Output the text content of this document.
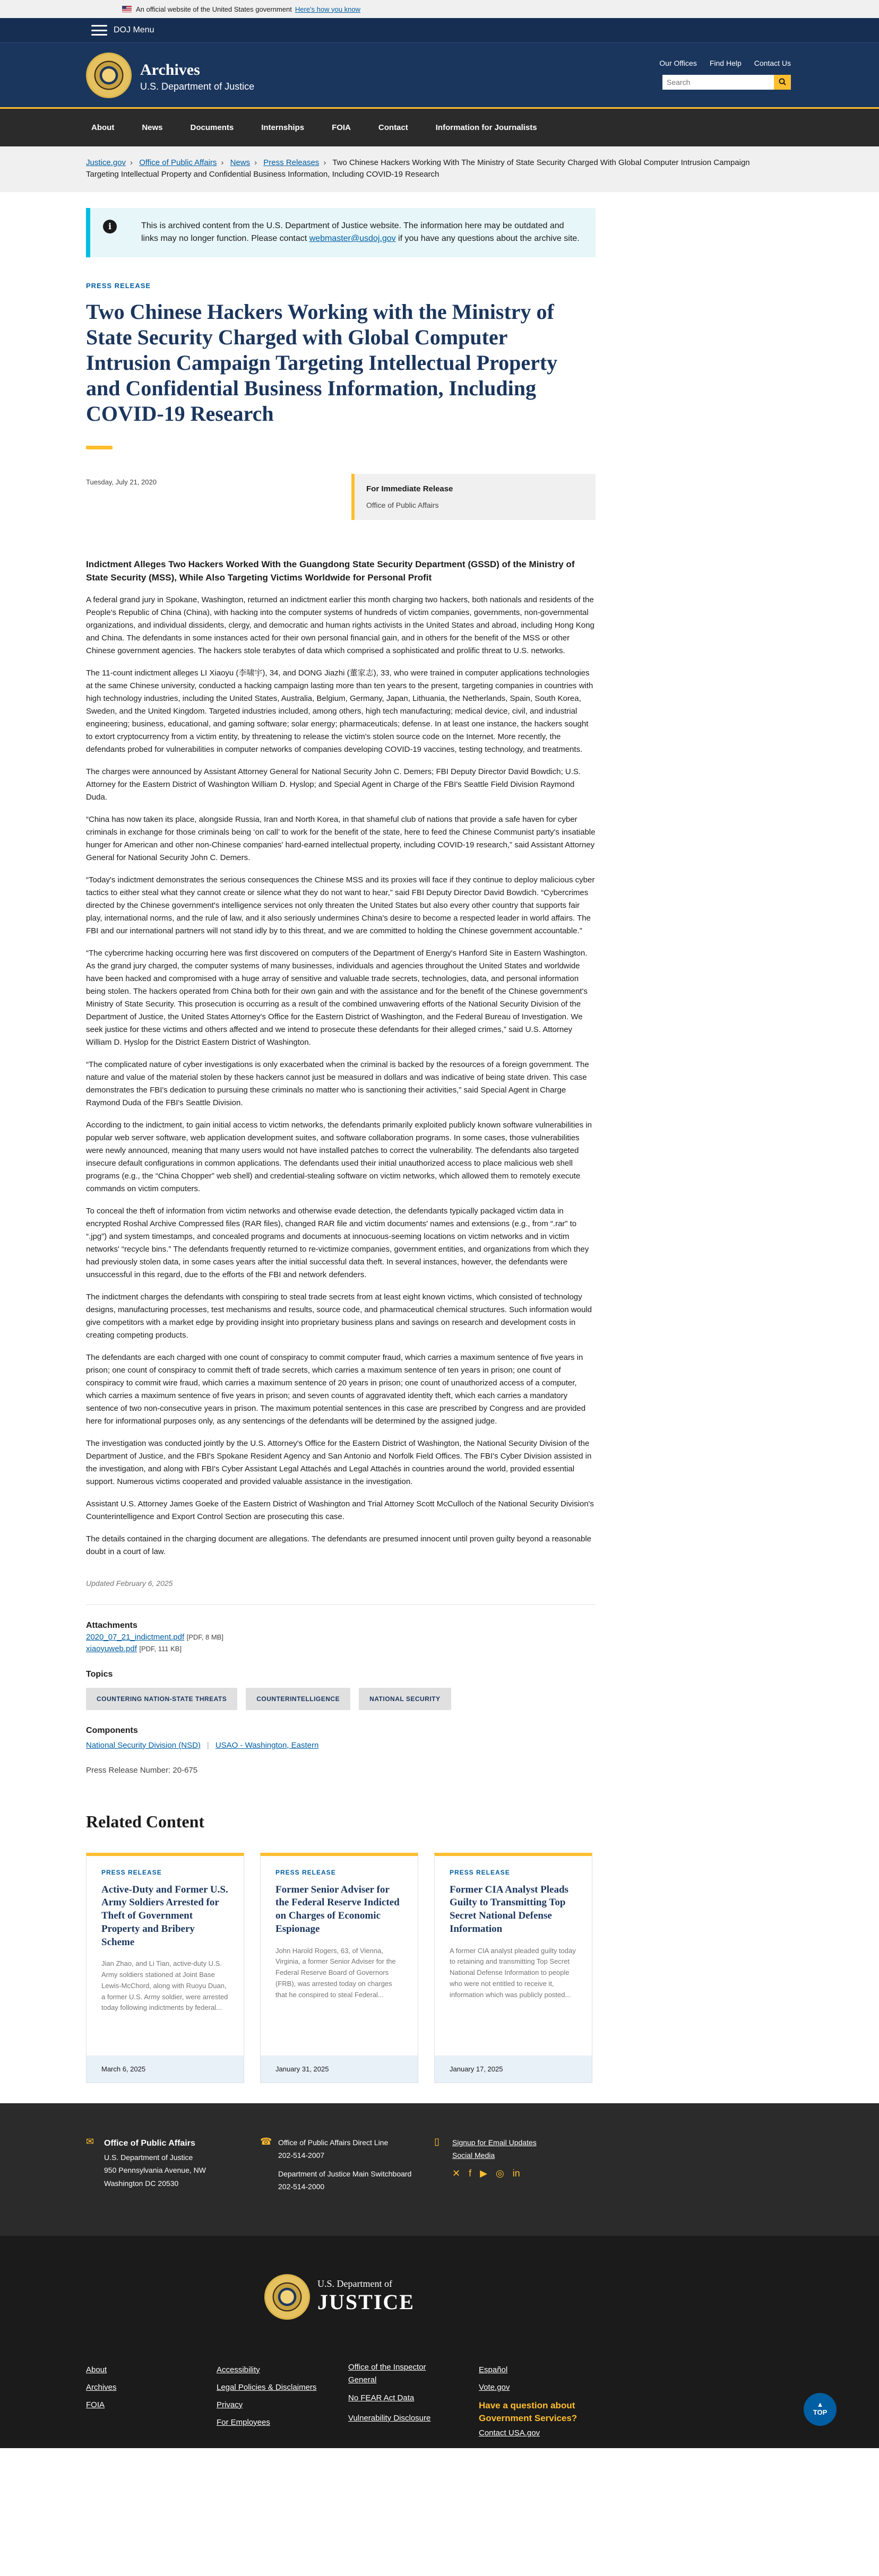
An official website of the United States government Here's how you know
DOJ Menu
Archives
U.S. Department of Justice
Our Offices Find Help Contact Us
Search
About	News	Documents	Internships	FOIA	Contact	Information for Journalists
Justice.gov › Office of Public Affairs › News › Press Releases › Two Chinese Hackers Working With The Ministry of State Security Charged With Global Computer Intrusion Campaign Targeting Intellectual Property and Confidential Business Information, Including COVID-19 Research
i	This is archived content from the U.S. Department of Justice website. The information here may be outdated and links may no longer function. Please contact webmaster@usdoj.gov if you have any questions about the archive site.

PRESS RELEASE
Two Chinese Hackers Working with the Ministry of State Security Charged with Global Computer Intrusion Campaign Targeting Intellectual Property and Confidential Business Information, Including COVID-19 Research
Tuesday, July 21, 2020
For Immediate Release
Office of Public Affairs
Indictment Alleges Two Hackers Worked With the Guangdong State Security Department (GSSD) of the Ministry of State Security (MSS), While Also Targeting Victims Worldwide for Personal Profit

A federal grand jury in Spokane, Washington, returned an indictment earlier this month charging two hackers, both nationals and residents of the People's Republic of China (China), with hacking into the computer systems of hundreds of victim companies, governments, non-governmental organizations, and individual dissidents, clergy, and democratic and human rights activists in the United States and abroad, including Hong Kong and China. The defendants in some instances acted for their own personal financial gain, and in others for the benefit of the MSS or other Chinese government agencies. The hackers stole terabytes of data which comprised a sophisticated and prolific threat to U.S. networks.

The 11-count indictment alleges LI Xiaoyu (李啸宇), 34, and DONG Jiazhi (董家志), 33, who were trained in computer applications technologies at the same Chinese university, conducted a hacking campaign lasting more than ten years to the present, targeting companies in countries with high technology industries, including the United States, Australia, Belgium, Germany, Japan, Lithuania, the Netherlands, Spain, South Korea, Sweden, and the United Kingdom. Targeted industries included, among others, high tech manufacturing; medical device, civil, and industrial engineering; business, educational, and gaming software; solar energy; pharmaceuticals; defense. In at least one instance, the hackers sought to extort cryptocurrency from a victim entity, by threatening to release the victim's stolen source code on the Internet. More recently, the defendants probed for vulnerabilities in computer networks of companies developing COVID-19 vaccines, testing technology, and treatments.

The charges were announced by Assistant Attorney General for National Security John C. Demers; FBI Deputy Director David Bowdich; U.S. Attorney for the Eastern District of Washington William D. Hyslop; and Special Agent in Charge of the FBI's Seattle Field Division Raymond Duda.

“China has now taken its place, alongside Russia, Iran and North Korea, in that shameful club of nations that provide a safe haven for cyber criminals in exchange for those criminals being ‘on call’ to work for the benefit of the state, here to feed the Chinese Communist party's insatiable hunger for American and other non-Chinese companies' hard-earned intellectual property, including COVID-19 research,” said Assistant Attorney General for National Security John C. Demers.

“Today's indictment demonstrates the serious consequences the Chinese MSS and its proxies will face if they continue to deploy malicious cyber tactics to either steal what they cannot create or silence what they do not want to hear,” said FBI Deputy Director David Bowdich. “Cybercrimes directed by the Chinese government's intelligence services not only threaten the United States but also every other country that supports fair play, international norms, and the rule of law, and it also seriously undermines China's desire to become a respected leader in world affairs. The FBI and our international partners will not stand idly by to this threat, and we are committed to holding the Chinese government accountable.”

“The cybercrime hacking occurring here was first discovered on computers of the Department of Energy's Hanford Site in Eastern Washington. As the grand jury charged, the computer systems of many businesses, individuals and agencies throughout the United States and worldwide have been hacked and compromised with a huge array of sensitive and valuable trade secrets, technologies, data, and personal information being stolen. The hackers operated from China both for their own gain and with the assistance and for the benefit of the Chinese government's Ministry of State Security. This prosecution is occurring as a result of the combined unwavering efforts of the National Security Division of the Department of Justice, the United States Attorney's Office for the Eastern District of Washington, and the Federal Bureau of Investigation. We seek justice for these victims and others affected and we intend to prosecute these defendants for their alleged crimes,” said U.S. Attorney William D. Hyslop for the District Eastern District of Washington.

“The complicated nature of cyber investigations is only exacerbated when the criminal is backed by the resources of a foreign government. The nature and value of the material stolen by these hackers cannot just be measured in dollars and was indicative of being state driven. This case demonstrates the FBI's dedication to pursuing these criminals no matter who is sanctioning their activities,” said Special Agent in Charge Raymond Duda of the FBI's Seattle Division.

According to the indictment, to gain initial access to victim networks, the defendants primarily exploited publicly known software vulnerabilities in popular web server software, web application development suites, and software collaboration programs. In some cases, those vulnerabilities were newly announced, meaning that many users would not have installed patches to correct the vulnerability. The defendants also targeted insecure default configurations in common applications. The defendants used their initial unauthorized access to place malicious web shell programs (e.g., the “China Chopper” web shell) and credential-stealing software on victim networks, which allowed them to remotely execute commands on victim computers.

To conceal the theft of information from victim networks and otherwise evade detection, the defendants typically packaged victim data in encrypted Roshal Archive Compressed files (RAR files), changed RAR file and victim documents' names and extensions (e.g., from “.rar” to “.jpg”) and system timestamps, and concealed programs and documents at innocuous-seeming locations on victim networks and in victim networks' “recycle bins.” The defendants frequently returned to re-victimize companies, government entities, and organizations from which they had previously stolen data, in some cases years after the initial successful data theft. In several instances, however, the defendants were unsuccessful in this regard, due to the efforts of the FBI and network defenders.

The indictment charges the defendants with conspiring to steal trade secrets from at least eight known victims, which consisted of technology designs, manufacturing processes, test mechanisms and results, source code, and pharmaceutical chemical structures. Such information would give competitors with a market edge by providing insight into proprietary business plans and savings on research and development costs in creating competing products.

The defendants are each charged with one count of conspiracy to commit computer fraud, which carries a maximum sentence of five years in prison; one count of conspiracy to commit theft of trade secrets, which carries a maximum sentence of ten years in prison; one count of conspiracy to commit wire fraud, which carries a maximum sentence of 20 years in prison; one count of unauthorized access of a computer, which carries a maximum sentence of five years in prison; and seven counts of aggravated identity theft, which each carries a mandatory sentence of two non-consecutive years in prison. The maximum potential sentences in this case are prescribed by Congress and are provided here for informational purposes only, as any sentencings of the defendants will be determined by the assigned judge.

The investigation was conducted jointly by the U.S. Attorney's Office for the Eastern District of Washington, the National Security Division of the Department of Justice, and the FBI's Spokane Resident Agency and San Antonio and Norfolk Field Offices. The FBI's Cyber Division assisted in the investigation, and along with FBI's Cyber Assistant Legal Attachés and Legal Attachés in countries around the world, provided essential support. Numerous victims cooperated and provided valuable assistance in the investigation.

Assistant U.S. Attorney James Goeke of the Eastern District of Washington and Trial Attorney Scott McCulloch of the National Security Division's Counterintelligence and Export Control Section are prosecuting this case.

The details contained in the charging document are allegations. The defendants are presumed innocent until proven guilty beyond a reasonable doubt in a court of law.

Updated February 6, 2025

Attachments
2020_07_21_indictment.pdf [PDF, 8 MB]
xiaoyuweb.pdf [PDF, 111 KB]
Topics
COUNTERING NATION-STATE THREATS	COUNTERINTELLIGENCE	NATIONAL SECURITY
Components
National Security Division (NSD) | USAO - Washington, Eastern
Press Release Number: 20-675
Related Content
PRESS RELEASE
Active-Duty and Former U.S. Army Soldiers Arrested for Theft of Government Property and Bribery Scheme
Jian Zhao, and Li Tian, active-duty U.S. Army soldiers stationed at Joint Base Lewis-McChord, along with Ruoyu Duan, a former U.S. Army soldier, were arrested today following indictments by federal...
March 6, 2025
PRESS RELEASE
Former Senior Adviser for the Federal Reserve Indicted on Charges of Economic Espionage
John Harold Rogers, 63, of Vienna, Virginia, a former Senior Adviser for the Federal Reserve Board of Governors (FRB), was arrested today on charges that he conspired to steal Federal...
January 31, 2025
PRESS RELEASE
Former CIA Analyst Pleads Guilty to Transmitting Top Secret National Defense Information
A former CIA analyst pleaded guilty today to retaining and transmitting Top Secret National Defense Information to people who were not entitled to receive it, information which was publicly posted...
January 17, 2025
✉ Office of Public Affairs
U.S. Department of Justice
950 Pennsylvania Avenue, NW
Washington DC 20530
☎ Office of Public Affairs Direct Line
202-514-2007
Department of Justice Main Switchboard
202-514-2000
▯	Signup for Email Updates
Social Media
✕ f ▶ ◎ in
U.S. Department of
JUSTICE
About
Archives
FOIA
Accessibility
Legal Policies & Disclaimers
Privacy
For Employees
Office of the Inspector General
No FEAR Act Data
Vulnerability Disclosure
Español
Vote.gov
Have a question about Government Services?
Contact USA.gov
▲
TOP
